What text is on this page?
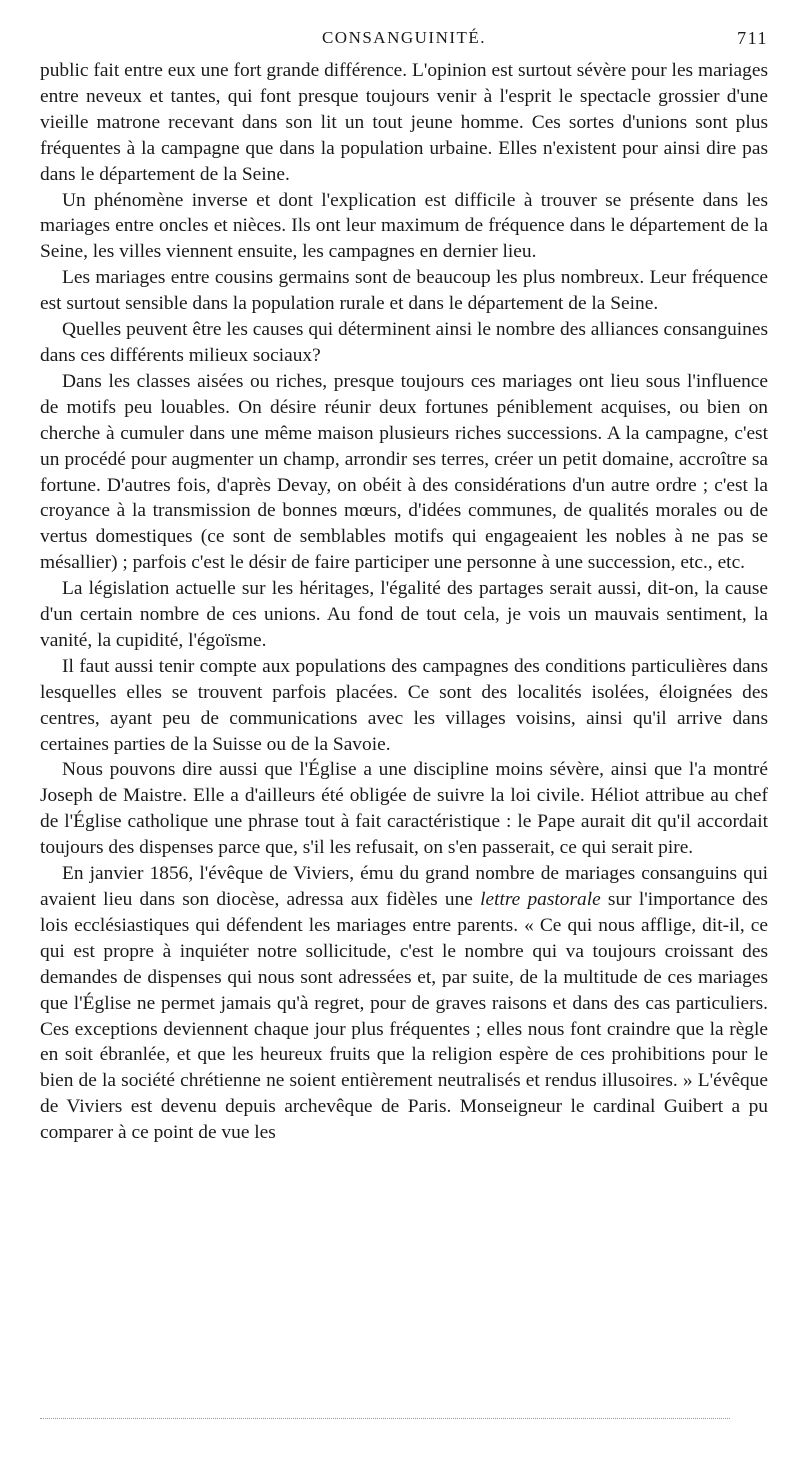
CONSANGUINITÉ.	711

public fait entre eux une fort grande différence. L'opinion est surtout sévère pour les mariages entre neveux et tantes, qui font presque toujours venir à l'esprit le spectacle grossier d'une vieille matrone recevant dans son lit un tout jeune homme. Ces sortes d'unions sont plus fréquentes à la campagne que dans la population urbaine. Elles n'existent pour ainsi dire pas dans le département de la Seine.

Un phénomène inverse et dont l'explication est difficile à trouver se présente dans les mariages entre oncles et nièces. Ils ont leur maximum de fréquence dans le département de la Seine, les villes viennent ensuite, les campagnes en dernier lieu.

Les mariages entre cousins germains sont de beaucoup les plus nombreux. Leur fréquence est surtout sensible dans la population rurale et dans le département de la Seine.

Quelles peuvent être les causes qui déterminent ainsi le nombre des alliances consanguines dans ces différents milieux sociaux?

Dans les classes aisées ou riches, presque toujours ces mariages ont lieu sous l'influence de motifs peu louables. On désire réunir deux fortunes péniblement acquises, ou bien on cherche à cumuler dans une même maison plusieurs riches successions. A la campagne, c'est un procédé pour augmenter un champ, arrondir ses terres, créer un petit domaine, accroître sa fortune. D'autres fois, d'après Devay, on obéit à des considérations d'un autre ordre ; c'est la croyance à la transmission de bonnes mœurs, d'idées communes, de qualités morales ou de vertus domestiques (ce sont de semblables motifs qui engageaient les nobles à ne pas se mésallier) ; parfois c'est le désir de faire participer une personne à une succession, etc., etc.

La législation actuelle sur les héritages, l'égalité des partages serait aussi, dit-on, la cause d'un certain nombre de ces unions. Au fond de tout cela, je vois un mauvais sentiment, la vanité, la cupidité, l'égoïsme.

Il faut aussi tenir compte aux populations des campagnes des conditions particulières dans lesquelles elles se trouvent parfois placées. Ce sont des localités isolées, éloignées des centres, ayant peu de communications avec les villages voisins, ainsi qu'il arrive dans certaines parties de la Suisse ou de la Savoie.

Nous pouvons dire aussi que l'Église a une discipline moins sévère, ainsi que l'a montré Joseph de Maistre. Elle a d'ailleurs été obligée de suivre la loi civile. Héliot attribue au chef de l'Église catholique une phrase tout à fait caractéristique : le Pape aurait dit qu'il accordait toujours des dispenses parce que, s'il les refusait, on s'en passerait, ce qui serait pire.

En janvier 1856, l'évêque de Viviers, ému du grand nombre de mariages consanguins qui avaient lieu dans son diocèse, adressa aux fidèles une lettre pastorale sur l'importance des lois ecclésiastiques qui défendent les mariages entre parents. « Ce qui nous afflige, dit-il, ce qui est propre à inquiéter notre sollicitude, c'est le nombre qui va toujours croissant des demandes de dispenses qui nous sont adressées et, par suite, de la multitude de ces mariages que l'Église ne permet jamais qu'à regret, pour de graves raisons et dans des cas particuliers. Ces exceptions deviennent chaque jour plus fréquentes ; elles nous font craindre que la règle en soit ébranlée, et que les heureux fruits que la religion espère de ces prohibitions pour le bien de la société chrétienne ne soient entièrement neutralisés et rendus illusoires. » L'évêque de Viviers est devenu depuis archevêque de Paris. Monseigneur le cardinal Guibert a pu comparer à ce point de vue les
